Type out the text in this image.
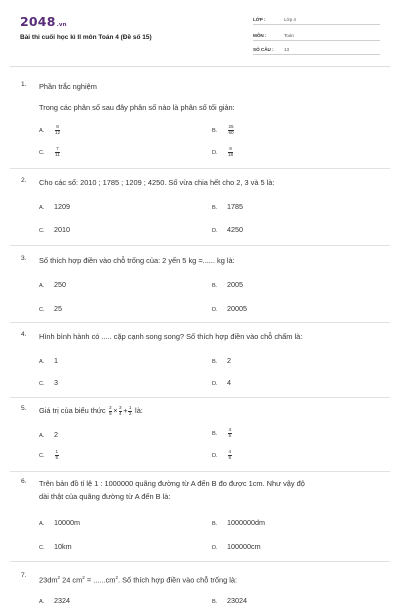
2048.vn
Bài thi cuối học kì II môn Toán 4 (Đề số 15)
LỚP :	Lớp 4
MÔN :	Toán
SỐ CÂU : 13
1. Phần trắc nghiệm
Trong các phân số sau đây phân số nào là phân số tối giản:
A. $\frac{8}{12}$	B. $\frac{25}{60}$
C. $\frac{7}{11}$	D. $\frac{9}{18}$
2. Cho các số: 2010 ; 1785 ; 1209 ; 4250. Số vừa chia hết cho 2, 3 và 5 là:
A. 1209	B. 1785
C. 2010	D. 4250
3. Số thích hợp điền vào chỗ trống của: 2 yến 5 kg =...... kg là:
A. 250	B. 2005
C. 25	D. 20005
4. Hình bình hành có ..... cặp cạnh song song? Số thích hợp điền vào chỗ chấm là:
A. 1	B. 2
C. 3	D. 4
5. Giá trị của biểu thức $\frac{2}{5} \times \frac{3}{4} + \frac{1}{2}$ là:
A. 2	B. $\frac{4}{5}$
C. $\frac{1}{5}$	D. $\frac{4}{5}$
6. Trên bản đồ tỉ lệ 1 : 1000000 quãng đường từ A đến B đo được 1cm. Như vậy độ
dài thật của quãng đường từ A đến B là:
A. 10000m	B. 1000000dm
C. 10km	D. 100000cm
7. $23dm^2$ 24 $cm^2 = ......cm^2$. Số thích hợp điền vào chỗ trống là:
A. 2324	B. 23024
